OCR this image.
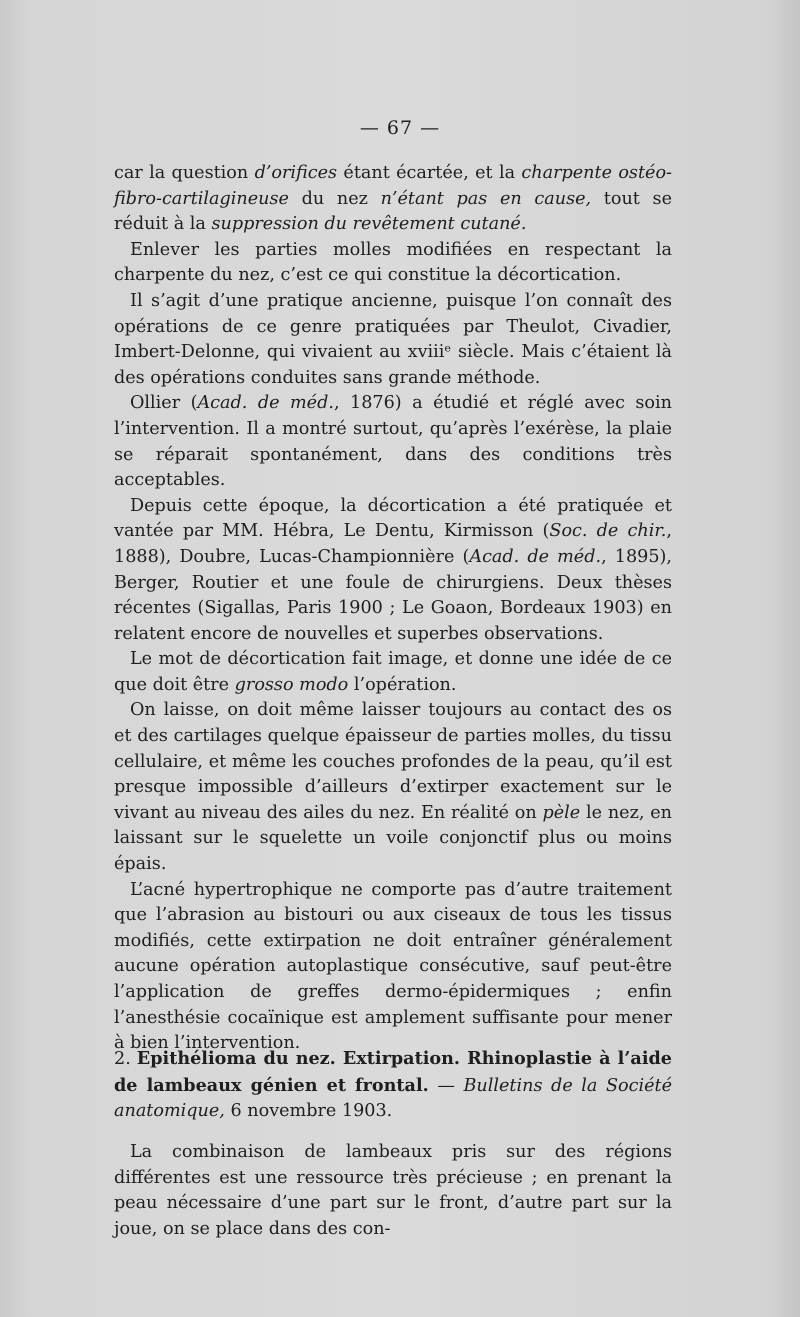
— 67 —

car la question d’orifices étant écartée, et la charpente ostéo-fibro-cartilagineuse du nez n’étant pas en cause, tout se réduit à la suppression du revêtement cutané.

Enlever les parties molles modifiées en respectant la charpente du nez, c’est ce qui constitue la décortication.

Il s’agit d’une pratique ancienne, puisque l’on connaît des opérations de ce genre pratiquées par Theulot, Civadier, Imbert-Delonne, qui vivaient au xviiiᵉ siècle. Mais c’étaient là des opérations conduites sans grande méthode.

Ollier (Acad. de méd., 1876) a étudié et réglé avec soin l’intervention. Il a montré surtout, qu’après l’exérèse, la plaie se réparait spontanément, dans des conditions très acceptables.

Depuis cette époque, la décortication a été pratiquée et vantée par MM. Hébra, Le Dentu, Kirmisson (Soc. de chir., 1888), Doubre, Lucas-Championnière (Acad. de méd., 1895), Berger, Routier et une foule de chirurgiens. Deux thèses récentes (Sigallas, Paris 1900 ; Le Goaon, Bordeaux 1903) en relatent encore de nouvelles et superbes observations.

Le mot de décortication fait image, et donne une idée de ce que doit être grosso modo l’opération.

On laisse, on doit même laisser toujours au contact des os et des cartilages quelque épaisseur de parties molles, du tissu cellulaire, et même les couches profondes de la peau, qu’il est presque impossible d’ailleurs d’extirper exactement sur le vivant au niveau des ailes du nez. En réalité on pèle le nez, en laissant sur le squelette un voile conjonctif plus ou moins épais.

L’acné hypertrophique ne comporte pas d’autre traitement que l’abrasion au bistouri ou aux ciseaux de tous les tissus modifiés, cette extirpation ne doit entraîner généralement aucune opération autoplastique consécutive, sauf peut-être l’application de greffes dermo-épidermiques ; enfin l’anesthésie cocaïnique est amplement suffisante pour mener à bien l’intervention.

2. Epithélioma du nez. Extirpation. Rhinoplastie à l’aide de lambeaux génien et frontal. — Bulletins de la Société anatomique, 6 novembre 1903.

La combinaison de lambeaux pris sur des régions différentes est une ressource très précieuse ; en prenant la peau nécessaire d’une part sur le front, d’autre part sur la joue, on se place dans des con-
